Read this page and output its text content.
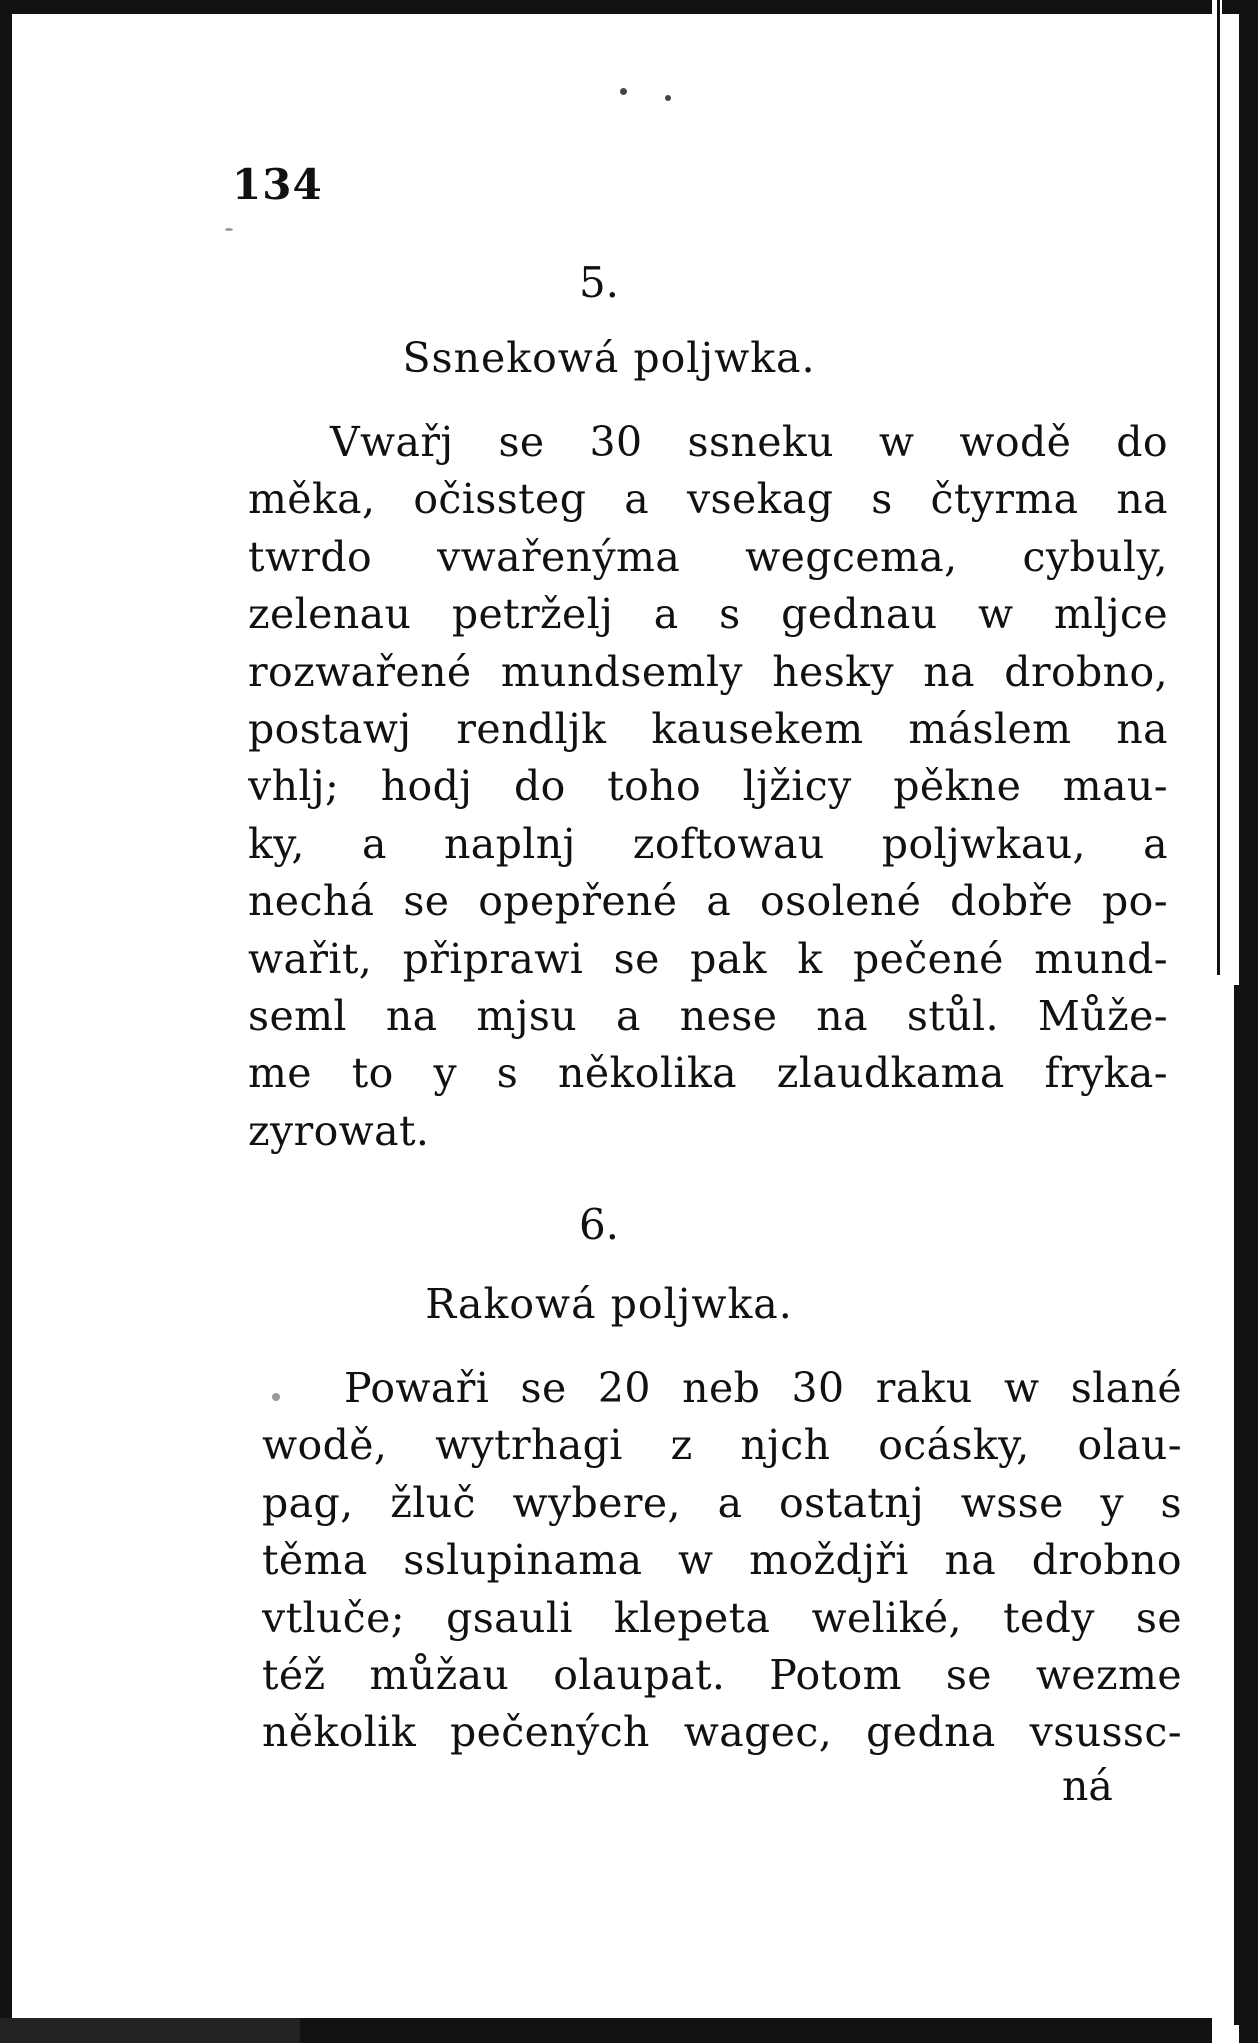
134
5.
Ssnekowá poljwka.
Vwařj se 30 ssneku w wodě do
měka, očissteg a vsekag s čtyrma na
twrdo vwařenýma wegcema, cybuly,
zelenau petrželj a s gednau w mljce
rozwařené mundsemly hesky na drobno,
postawj rendljk kausekem máslem na
vhlj; hodj do toho ljžicy pěkne mau-
ky, a naplnj zoftowau poljwkau, a
nechá se opepřené a osolené dobře po-
wařit, připrawi se pak k pečené mund-
seml na mjsu a nese na stůl. Může-
me to y s několika zlaudkama fryka-
zyrowat.
6.
Rakowá poljwka.
Powaři se 20 neb 30 raku w slané
wodě, wytrhagi z njch ocásky, olau-
pag, žluč wybere, a ostatnj wsse y s
těma sslupinama w moždjři na drobno
vtluče; gsauli klepeta weliké, tedy se
též můžau olaupat. Potom se wezme
několik pečených wagec, gedna vsussc-
ná
